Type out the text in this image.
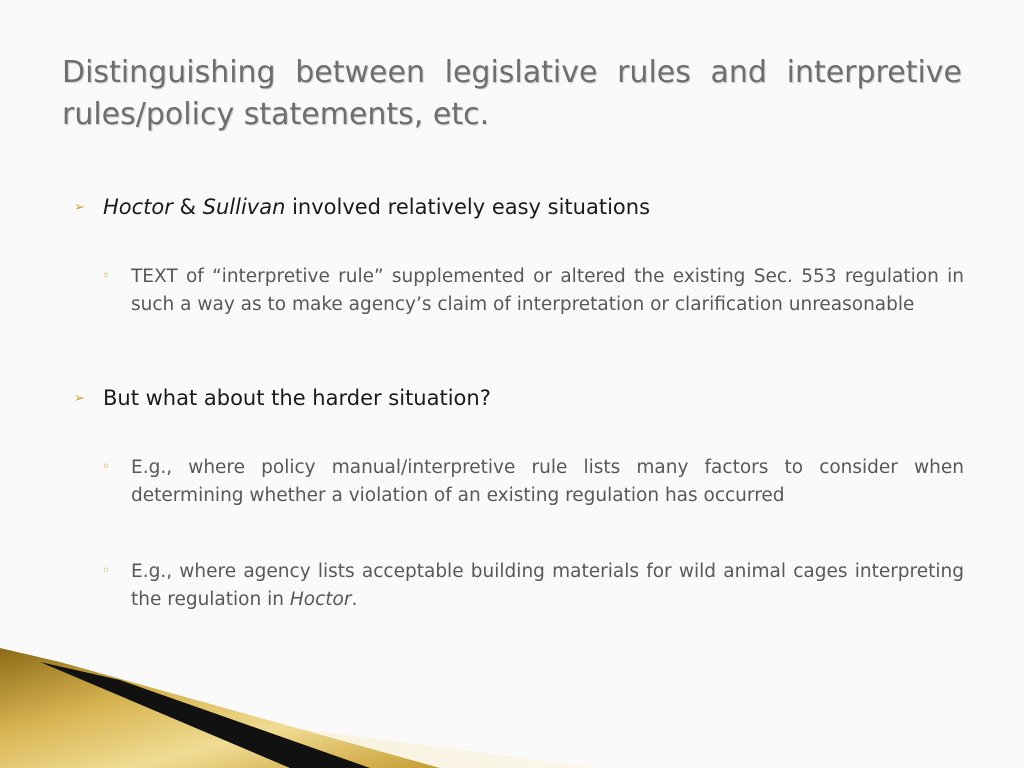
Distinguishing between legislative rules and interpretive rules/policy statements, etc.
➢ Hoctor & Sullivan involved relatively easy situations
◦ TEXT of “interpretive rule” supplemented or altered the existing Sec. 553 regulation in such a way as to make agency’s claim of interpretation or clarification unreasonable
➢ But what about the harder situation?
◦ E.g., where policy manual/interpretive rule lists many factors to consider when determining whether a violation of an existing regulation has occurred
◦ E.g., where agency lists acceptable building materials for wild animal cages interpreting the regulation in Hoctor.
